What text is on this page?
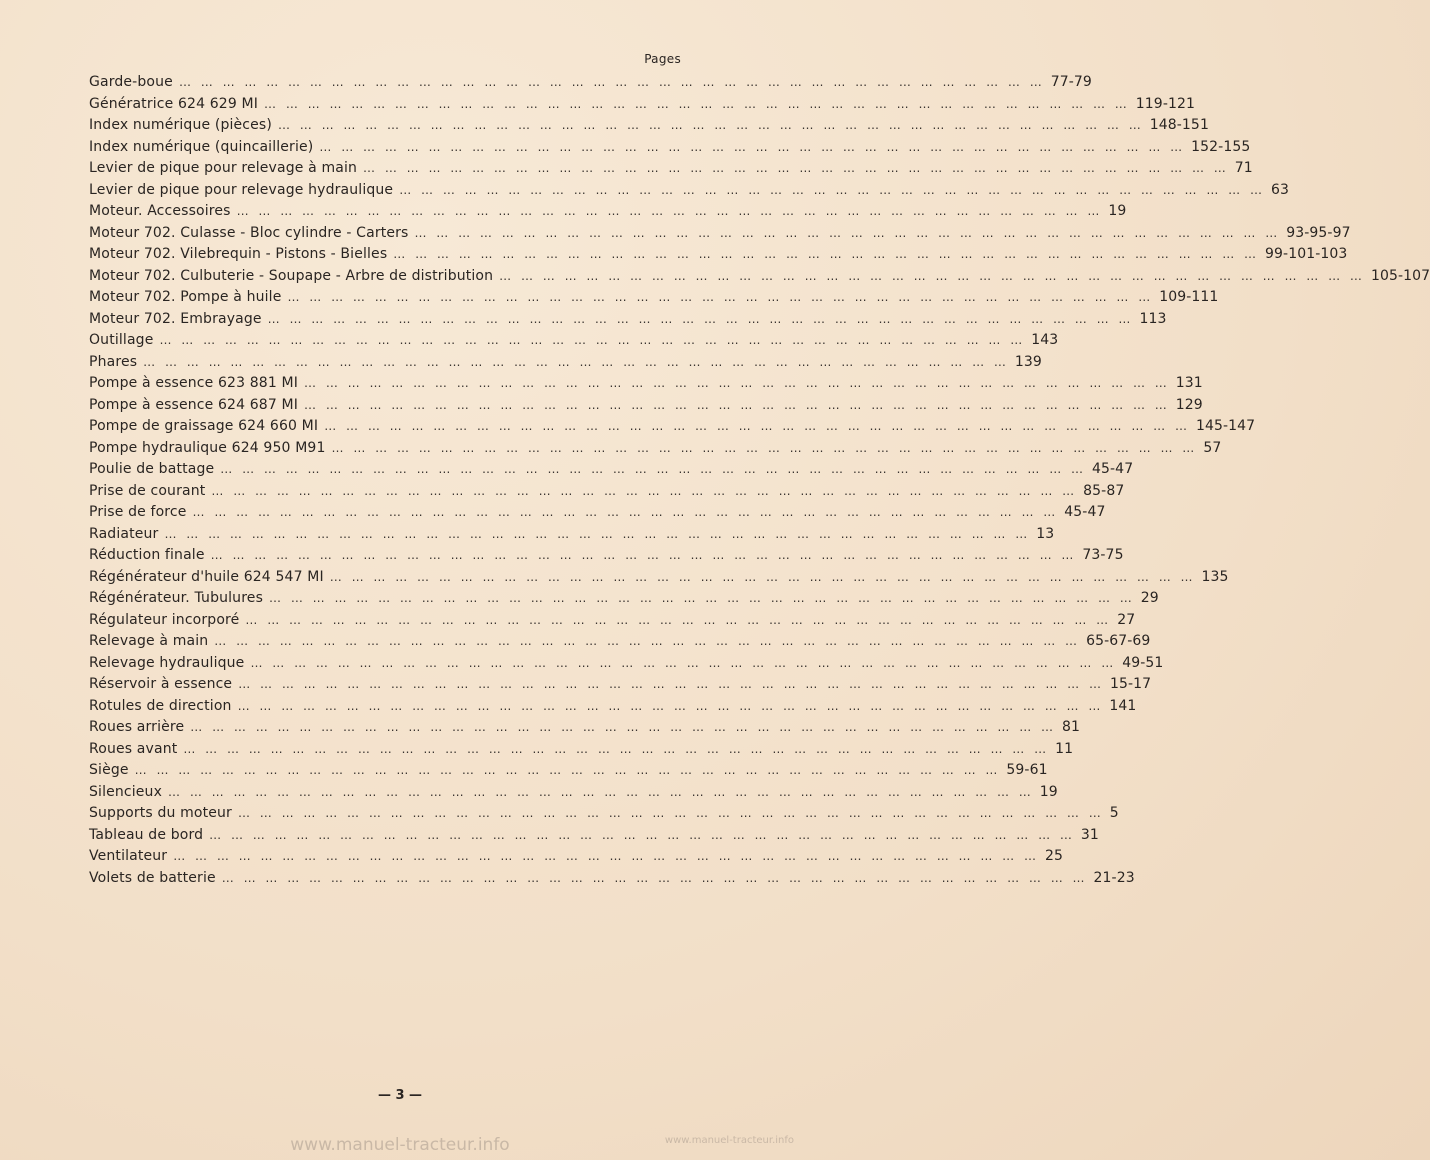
Pages
Garde-boue … … … … … … … … … … … … … … … … … … … … … … … … … … … … … … … … … … … … … … … … 77-79
Génératrice 624 629 MI … … … … … … … … … … … … … … … … … … … … … … … … … … … … … … … … … … … … … … … … 119-121
Index numérique (pièces) … … … … … … … … … … … … … … … … … … … … … … … … … … … … … … … … … … … … … … … … 148-151
Index numérique (quincaillerie) … … … … … … … … … … … … … … … … … … … … … … … … … … … … … … … … … … … … … … … … 152-155
Levier de pique pour relevage à main … … … … … … … … … … … … … … … … … … … … … … … … … … … … … … … … … … … … … … … … 71
Levier de pique pour relevage hydraulique … … … … … … … … … … … … … … … … … … … … … … … … … … … … … … … … … … … … … … … … 63
Moteur. Accessoires … … … … … … … … … … … … … … … … … … … … … … … … … … … … … … … … … … … … … … … … 19
Moteur 702. Culasse - Bloc cylindre - Carters … … … … … … … … … … … … … … … … … … … … … … … … … … … … … … … … … … … … … … … … 93-95-97
Moteur 702. Vilebrequin - Pistons - Bielles … … … … … … … … … … … … … … … … … … … … … … … … … … … … … … … … … … … … … … … … 99-101-103
Moteur 702. Culbuterie - Soupape - Arbre de distribution … … … … … … … … … … … … … … … … … … … … … … … … … … … … … … … … … … … … … … … … 105-107
Moteur 702. Pompe à huile … … … … … … … … … … … … … … … … … … … … … … … … … … … … … … … … … … … … … … … … 109-111
Moteur 702. Embrayage … … … … … … … … … … … … … … … … … … … … … … … … … … … … … … … … … … … … … … … … 113
Outillage … … … … … … … … … … … … … … … … … … … … … … … … … … … … … … … … … … … … … … … … 143
Phares … … … … … … … … … … … … … … … … … … … … … … … … … … … … … … … … … … … … … … … … 139
Pompe à essence 623 881 MI … … … … … … … … … … … … … … … … … … … … … … … … … … … … … … … … … … … … … … … … 131
Pompe à essence 624 687 MI … … … … … … … … … … … … … … … … … … … … … … … … … … … … … … … … … … … … … … … … 129
Pompe de graissage 624 660 MI … … … … … … … … … … … … … … … … … … … … … … … … … … … … … … … … … … … … … … … … 145-147
Pompe hydraulique 624 950 M91 … … … … … … … … … … … … … … … … … … … … … … … … … … … … … … … … … … … … … … … … 57
Poulie de battage … … … … … … … … … … … … … … … … … … … … … … … … … … … … … … … … … … … … … … … … 45-47
Prise de courant … … … … … … … … … … … … … … … … … … … … … … … … … … … … … … … … … … … … … … … … 85-87
Prise de force … … … … … … … … … … … … … … … … … … … … … … … … … … … … … … … … … … … … … … … … 45-47
Radiateur … … … … … … … … … … … … … … … … … … … … … … … … … … … … … … … … … … … … … … … … 13
Réduction finale … … … … … … … … … … … … … … … … … … … … … … … … … … … … … … … … … … … … … … … … 73-75
Régénérateur d'huile 624 547 MI … … … … … … … … … … … … … … … … … … … … … … … … … … … … … … … … … … … … … … … … 135
Régénérateur. Tubulures … … … … … … … … … … … … … … … … … … … … … … … … … … … … … … … … … … … … … … … … 29
Régulateur incorporé … … … … … … … … … … … … … … … … … … … … … … … … … … … … … … … … … … … … … … … … 27
Relevage à main … … … … … … … … … … … … … … … … … … … … … … … … … … … … … … … … … … … … … … … … 65-67-69
Relevage hydraulique … … … … … … … … … … … … … … … … … … … … … … … … … … … … … … … … … … … … … … … … 49-51
Réservoir à essence … … … … … … … … … … … … … … … … … … … … … … … … … … … … … … … … … … … … … … … … 15-17
Rotules de direction … … … … … … … … … … … … … … … … … … … … … … … … … … … … … … … … … … … … … … … … 141
Roues arrière … … … … … … … … … … … … … … … … … … … … … … … … … … … … … … … … … … … … … … … … 81
Roues avant … … … … … … … … … … … … … … … … … … … … … … … … … … … … … … … … … … … … … … … … 11
Siège … … … … … … … … … … … … … … … … … … … … … … … … … … … … … … … … … … … … … … … … 59-61
Silencieux … … … … … … … … … … … … … … … … … … … … … … … … … … … … … … … … … … … … … … … … 19
Supports du moteur … … … … … … … … … … … … … … … … … … … … … … … … … … … … … … … … … … … … … … … … 5
Tableau de bord … … … … … … … … … … … … … … … … … … … … … … … … … … … … … … … … … … … … … … … … 31
Ventilateur … … … … … … … … … … … … … … … … … … … … … … … … … … … … … … … … … … … … … … … … 25
Volets de batterie … … … … … … … … … … … … … … … … … … … … … … … … … … … … … … … … … … … … … … … … 21-23
— 3 —
www.manuel-tracteur.info	www.manuel-tracteur.info
